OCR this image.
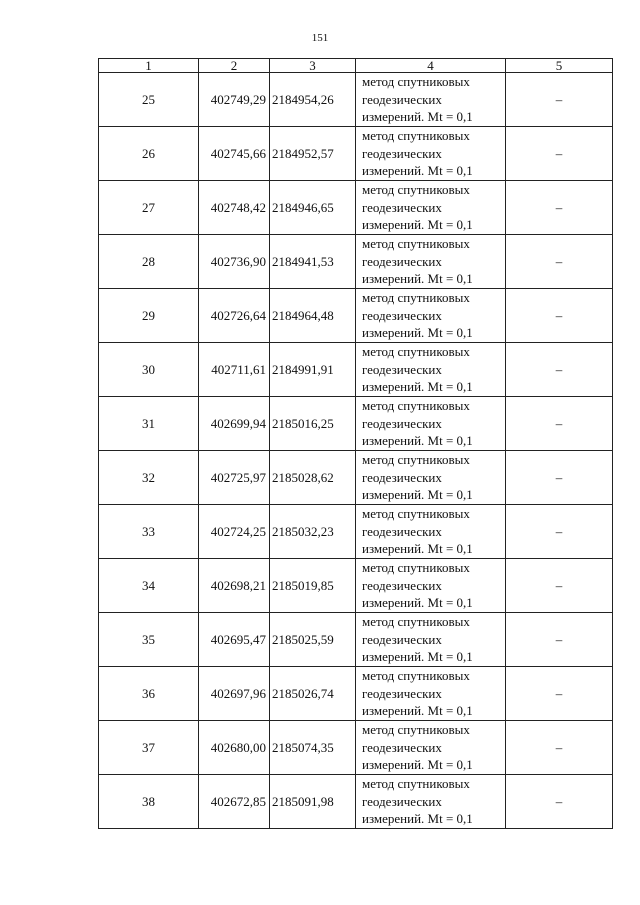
151
1	2	3	4	5
25	402749,29	2184954,26	метод спутниковых
геодезических
измерений. Mt = 0,1	–
26	402745,66	2184952,57	метод спутниковых
геодезических
измерений. Mt = 0,1	–
27	402748,42	2184946,65	метод спутниковых
геодезических
измерений. Mt = 0,1	–
28	402736,90	2184941,53	метод спутниковых
геодезических
измерений. Mt = 0,1	–
29	402726,64	2184964,48	метод спутниковых
геодезических
измерений. Mt = 0,1	–
30	402711,61	2184991,91	метод спутниковых
геодезических
измерений. Mt = 0,1	–
31	402699,94	2185016,25	метод спутниковых
геодезических
измерений. Mt = 0,1	–
32	402725,97	2185028,62	метод спутниковых
геодезических
измерений. Mt = 0,1	–
33	402724,25	2185032,23	метод спутниковых
геодезических
измерений. Mt = 0,1	–
34	402698,21	2185019,85	метод спутниковых
геодезических
измерений. Mt = 0,1	–
35	402695,47	2185025,59	метод спутниковых
геодезических
измерений. Mt = 0,1	–
36	402697,96	2185026,74	метод спутниковых
геодезических
измерений. Mt = 0,1	–
37	402680,00	2185074,35	метод спутниковых
геодезических
измерений. Mt = 0,1	–
38	402672,85	2185091,98	метод спутниковых
геодезических
измерений. Mt = 0,1	–
